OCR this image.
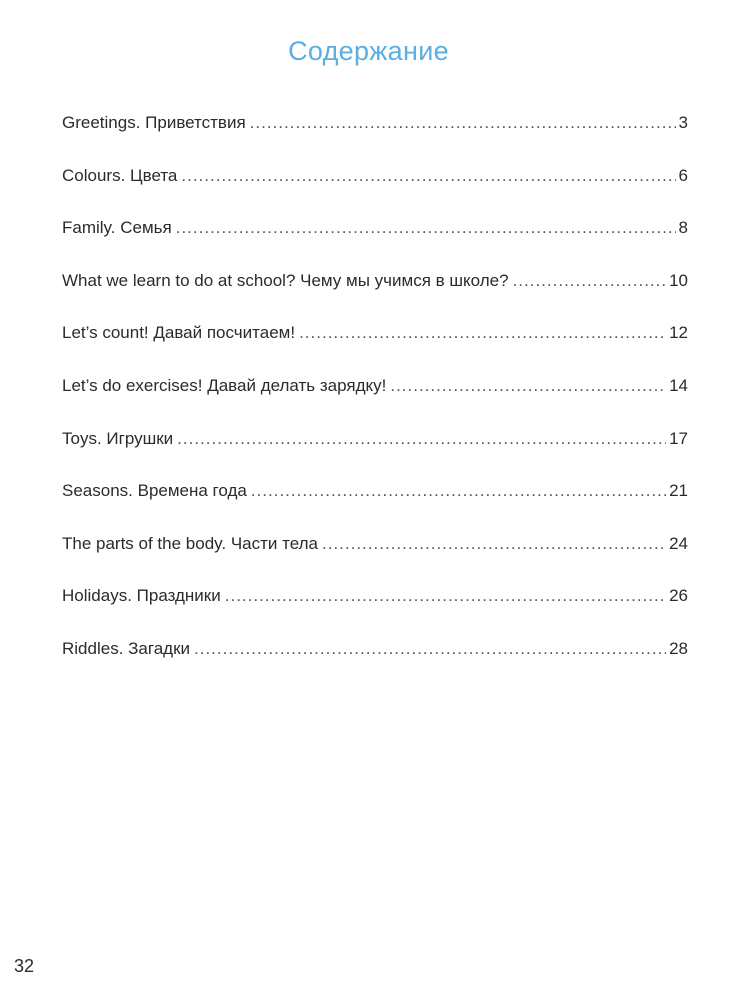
Содержание
Greetings. Приветствия .....	3
Colours. Цвета .....	6
Family. Семья .....	8
What we learn to do at school? Чему мы учимся в школе? .....	10
Let’s count! Давай посчитаем! .....	12
Let’s do exercises! Давай делать зарядку! .....	14
Toys. Игрушки .....	17
Seasons. Времена года .....	21
The parts of the body. Части тела .....	24
Holidays. Праздники .....	26
Riddles. Загадки .....	28
32
